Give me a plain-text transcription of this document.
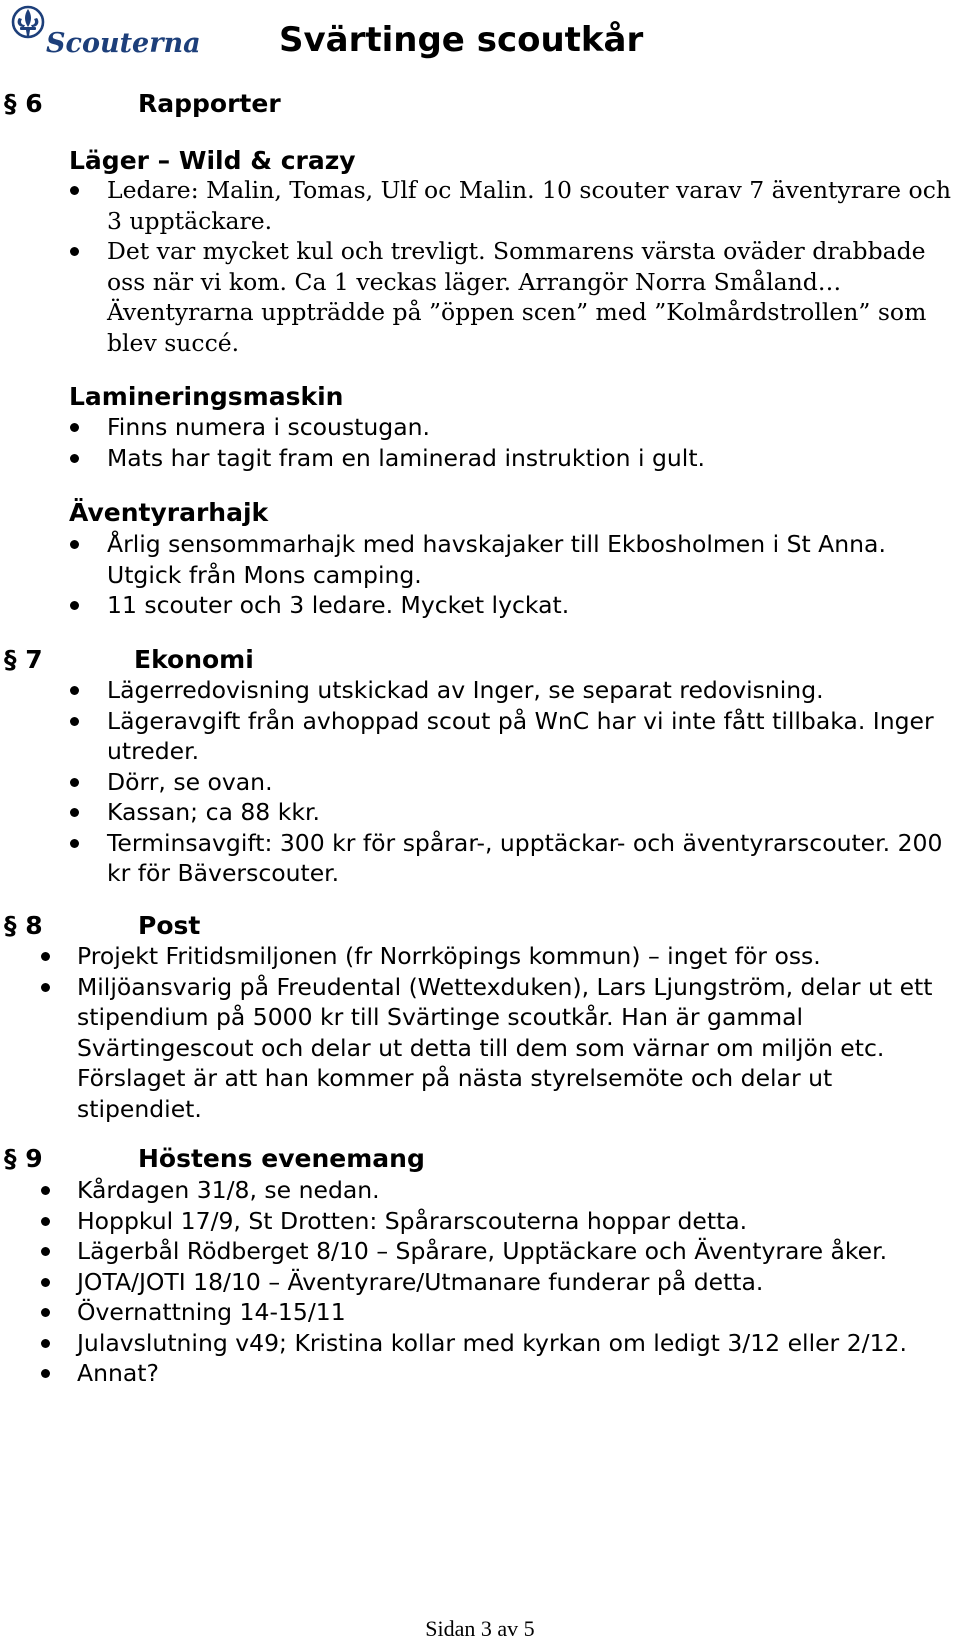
Scouterna Svärtinge scoutkår
§ 6	Rapporter
Läger – Wild & crazy
Ledare: Malin, Tomas, Ulf oc Malin. 10 scouter varav 7 äventyrare och 3 upptäckare.
Det var mycket kul och trevligt. Sommarens värsta oväder drabbade oss när vi kom. Ca 1 veckas läger. Arrangör Norra Småland… Äventyrarna uppträdde på ”öppen scen” med ”Kolmårdstrollen” som blev succé.
Lamineringsmaskin
Finns numera i scoustugan.
Mats har tagit fram en laminerad instruktion i gult.
Äventyrarhajk
Årlig sensommarhajk med havskajaker till Ekbosholmen i St Anna. Utgick från Mons camping.
11 scouter och 3 ledare. Mycket lyckat.
§ 7	Ekonomi
Lägerredovisning utskickad av Inger, se separat redovisning.
Lägeravgift från avhoppad scout på WnC har vi inte fått tillbaka. Inger utreder.
Dörr, se ovan.
Kassan; ca 88 kkr.
Terminsavgift: 300 kr för spårar-, upptäckar- och äventyrarscouter. 200 kr för Bäverscouter.
§ 8	Post
Projekt Fritidsmiljonen (fr Norrköpings kommun) – inget för oss.
Miljöansvarig på Freudental (Wettexduken), Lars Ljungström, delar ut ett stipendium på 5000 kr till Svärtinge scoutkår. Han är gammal Svärtingescout och delar ut detta till dem som värnar om miljön etc. Förslaget är att han kommer på nästa styrelsemöte och delar ut stipendiet.
§ 9	Höstens evenemang
Kårdagen 31/8, se nedan.
Hoppkul 17/9, St Drotten: Spårarscouterna hoppar detta.
Lägerbål Rödberget 8/10 – Spårare, Upptäckare och Äventyrare åker.
JOTA/JOTI 18/10 – Äventyrare/Utmanare funderar på detta.
Övernattning 14-15/11
Julavslutning v49; Kristina kollar med kyrkan om ledigt 3/12 eller 2/12.
Annat?
Sidan 3 av 5
